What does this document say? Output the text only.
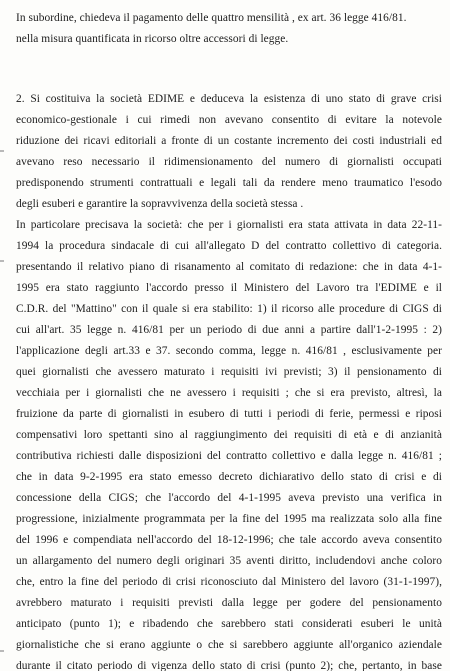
In subordine, chiedeva il pagamento delle quattro mensilità , ex art. 36 legge 416/81.
nella misura quantificata in ricorso oltre accessori di legge.
2. Si costituiva la società EDIME e deduceva la esistenza di uno stato di grave crisi
economico-gestionale i cui rimedi non avevano consentito di evitare la notevole
riduzione dei ricavi editoriali a fronte di un costante incremento dei costi industriali ed
avevano reso necessario il ridimensionamento del numero di giornalisti occupati
predisponendo strumenti contrattuali e legali tali da rendere meno traumatico l'esodo
degli esuberi e garantire la sopravvivenza della società stessa .
In particolare precisava la società: che per i giornalisti era stata attivata in data 22-11-
1994 la procedura sindacale di cui all'allegato D del contratto collettivo di categoria.
presentando il relativo piano di risanamento al comitato di redazione: che in data 4-1-
1995 era stato raggiunto l'accordo presso il Ministero del Lavoro tra l'EDIME e il
C.D.R. del "Mattino" con il quale si era stabilito: 1) il ricorso alle procedure di CIGS di
cui all'art. 35 legge n. 416/81 per un periodo di due anni a partire dall'1-2-1995 : 2)
l'applicazione degli art.33 e 37. secondo comma, legge n. 416/81 , esclusivamente per
quei giornalisti che avessero maturato i requisiti ivi previsti; 3) il pensionamento di
vecchiaia per i giornalisti che ne avessero i requisiti ; che si era previsto, altresì, la
fruizione da parte di giornalisti in esubero di tutti i periodi di ferie, permessi e riposi
compensativi loro spettanti sino al raggiungimento dei requisiti di età e di anzianità
contributiva richiesti dalle disposizioni del contratto collettivo e dalla legge n. 416/81 ;
che in data 9-2-1995 era stato emesso decreto dichiarativo dello stato di crisi e di
concessione della CIGS; che l'accordo del 4-1-1995 aveva previsto una verifica in
progressione, inizialmente programmata per la fine del 1995 ma realizzata solo alla fine
del 1996 e compendiata nell'accordo del 18-12-1996; che tale accordo aveva consentito
un allargamento del numero degli originari 35 aventi diritto, includendovi anche coloro
che, entro la fine del periodo di crisi riconosciuto dal Ministero del lavoro (31-1-1997),
avrebbero maturato i requisiti previsti dalla legge per godere del pensionamento
anticipato (punto 1); e ribadendo che sarebbero stati considerati esuberi le unità
giornalistiche che si erano aggiunte o che si sarebbero aggiunte all'organico aziendale
durante il citato periodo di vigenza dello stato di crisi (punto 2); che, pertanto, in base
